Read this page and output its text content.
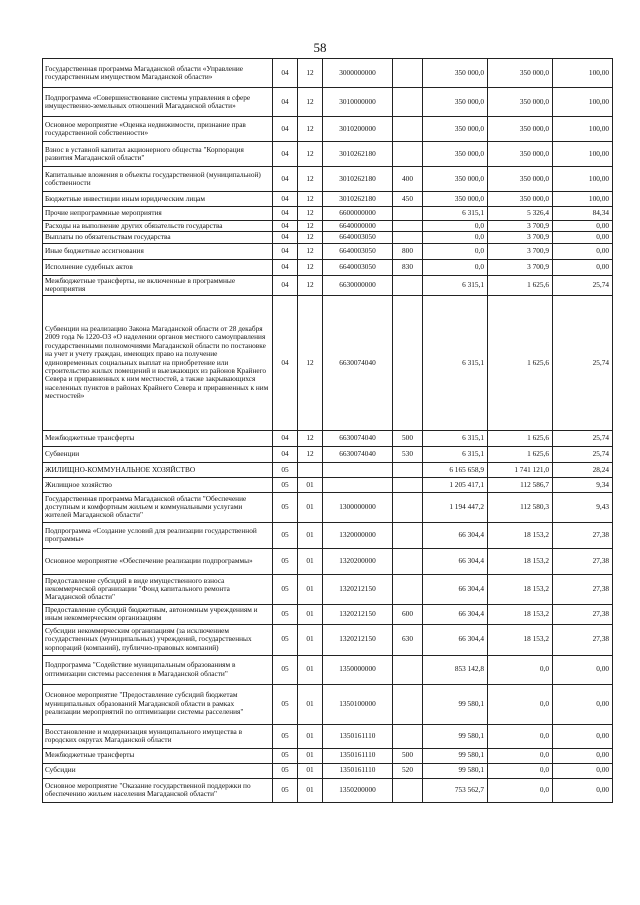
58
Государственная программа Магаданской области «Управление государственным имуществом Магаданской области»	04	12	3000000000		350 000,0	350 000,0	100,00
Подпрограмма «Совершенствование системы управления в сфере имущественно-земельных отношений Магаданской области»	04	12	3010000000		350 000,0	350 000,0	100,00
Основное мероприятие «Оценка недвижимости, признание прав государственной собственности»	04	12	3010200000		350 000,0	350 000,0	100,00
Взнос в уставной капитал акционерного общества "Корпорация развития Магаданской области"	04	12	3010262180		350 000,0	350 000,0	100,00
Капитальные вложения в объекты государственной (муниципальной) собственности	04	12	3010262180	400	350 000,0	350 000,0	100,00
Бюджетные инвестиции иным юридическим лицам	04	12	3010262180	450	350 000,0	350 000,0	100,00
Прочие непрограммные мероприятия	04	12	6600000000		6 315,1	5 326,4	84,34
Расходы на выполнение других обязательств государства	04	12	6640000000		0,0	3 700,9	0,00
Выплаты по обязательствам государства	04	12	6640003050		0,0	3 700,9	0,00
Иные бюджетные ассигнования	04	12	6640003050	800	0,0	3 700,9	0,00
Исполнение судебных актов	04	12	6640003050	830	0,0	3 700,9	0,00
Межбюджетные трансферты, не включенные в программные мероприятия	04	12	6630000000		6 315,1	1 625,6	25,74
Субвенции на реализацию Закона Магаданской области от 28 декабря 2009 года № 1220-ОЗ «О наделении органов местного самоуправления государственными полномочиями Магаданской области по постановке на учет и учету граждан, имеющих право на получение единовременных социальных выплат на приобретение или строительство жилых помещений и выезжающих из районов Крайнего Севера и приравненных к ним местностей, а также закрывающихся населенных пунктов в районах Крайнего Севера и приравненных к ним местностей»	04	12	6630074040		6 315,1	1 625,6	25,74
Межбюджетные трансферты	04	12	6630074040	500	6 315,1	1 625,6	25,74
Субвенции	04	12	6630074040	530	6 315,1	1 625,6	25,74
ЖИЛИЩНО-КОММУНАЛЬНОЕ ХОЗЯЙСТВО	05				6 165 658,9	1 741 121,0	28,24
Жилищное хозяйство	05	01			1 205 417,1	112 586,7	9,34
Государственная программа Магаданской области "Обеспечение доступным и комфортным жильем и коммунальными услугами жителей Магаданской области"	05	01	1300000000		1 194 447,2	112 580,3	9,43
Подпрограмма «Создание условий для реализации государственной программы»	05	01	1320000000		66 304,4	18 153,2	27,38
Основное мероприятие «Обеспечение реализации подпрограммы»	05	01	1320200000		66 304,4	18 153,2	27,38
Предоставление субсидий в виде имущественного взноса некоммерческой организации "Фонд капитального ремонта Магаданской области"	05	01	1320212150		66 304,4	18 153,2	27,38
Предоставление субсидий бюджетным, автономным учреждениям и иным некоммерческим организациям	05	01	1320212150	600	66 304,4	18 153,2	27,38
Субсидии некоммерческим организациям (за исключением государственных (муниципальных) учреждений, государственных корпораций (компаний), публично-правовых компаний)	05	01	1320212150	630	66 304,4	18 153,2	27,38
Подпрограмма "Содействие муниципальным образованиям в оптимизации системы расселения в Магаданской области"	05	01	1350000000		853 142,8	0,0	0,00
Основное мероприятие "Предоставление субсидий бюджетам муниципальных образований Магаданской области в рамках реализации мероприятий по оптимизации системы расселения"	05	01	1350100000		99 580,1	0,0	0,00
Восстановление и модернизация муниципального имущества в городских округах Магаданской области	05	01	1350161110		99 580,1	0,0	0,00
Межбюджетные трансферты	05	01	1350161110	500	99 580,1	0,0	0,00
Субсидии	05	01	1350161110	520	99 580,1	0,0	0,00
Основное мероприятие "Оказание государственной поддержки по обеспечению жильем населения Магаданской области"	05	01	1350200000		753 562,7	0,0	0,00
